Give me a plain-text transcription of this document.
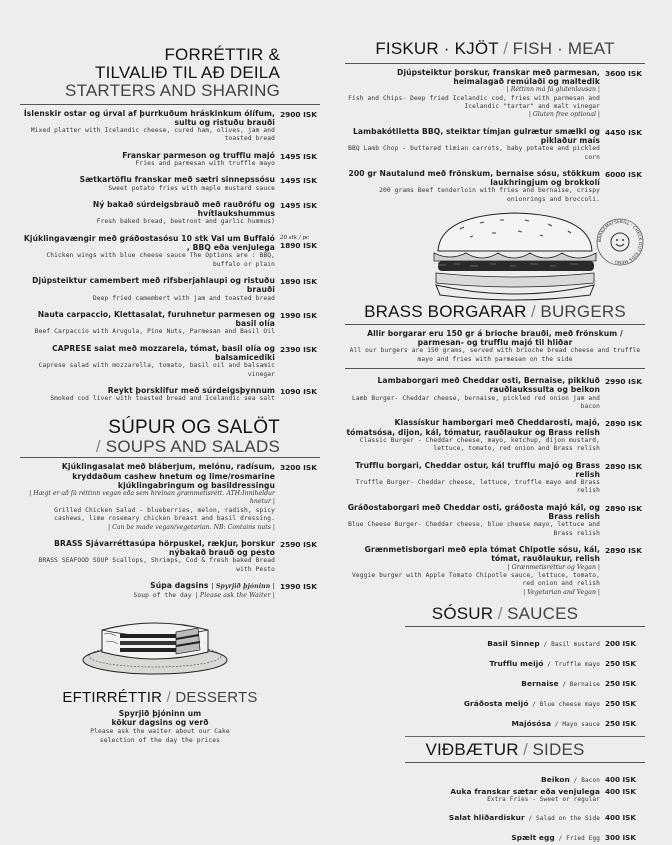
FORRÉTTIR &
TILVALIÐ TIL AÐ DEILA
STARTERS AND SHARING
Íslenskir ostar og úrval af þurrkuðum hráskinkum ólífum, sultu og ristuðu brauði
Mixed platter with Icelandic cheese, cured ham, olives, jam and toasted bread
2900 ISK
Franskar parmeson og trufflu majó
Fries and parmesan with truffle mayo
1495 ISK
Sætkartöflu franskar með sætri sinnepssósu
Sweet potato fries with maple mustard sauce
1495 ISK
Ný bakað súrdeigsbrauð með rauðrófu og hvítlaukshummus
Fresh baked bread, beetroot and garlic hummus)
1495 ISK
Kjúklingavængir með gráðostasósu 10 stk Val um Buffaló , BBQ eða venjulega
Chicken wings with blue cheese sauce The Options are : BBQ, buffalo or plain
20 stk / pc
1890 ISK
Djúpsteiktur camembert með rifsberjahlaupi og ristuðu brauði
Deep fried camembert with jam and toasted bread
1890 ISK
Nauta carpaccio, Klettasalat, furuhnetur parmesen og basil olía
Beef Carpaccio with Arugula, Pine Nuts, Parmesan and Basil Oil
1990 ISK
CAPRESE salat með mozzarela, tómat, basil olía og balsamicediki
Caprese salad with mozzarella, tomato, basil oil and balsamic vinegar
2390 ISK
Reykt þorsklifur með súrdeigsþynnum
Smoked cod liver with toasted bread and Icelandic sea salt
1090 ISK
SÚPUR OG SALÖT
/ SOUPS AND SALADS
Kjúklingasalat með bláberjum, melónu, radísum, kryddaðum cashew hnetum og lime/rosmarine kjúklingabringum og basildressingu
| Hægt er að fá réttinn vegan eða sem hreinan grænmetisrétt. ATH:Inniheldur hnetur |
Grilled Chicken Salad - blueberries, melon, radish, spicy cashews, lime rosemary chicken breast and basil dressing.
| Can be made vegan/vegetarian. NB: Contains nuts |
3200 ISK
BRASS Sjávarréttasúpa hörpuskel, rækjur, þorskur nýbakað brauð og pesto
BRASS SEAFOOD SOUP Scallops, Shrimps, Cod & fresh baked Bread with Pesto
2590 ISK
Súpa dagsins | Spyrjið þjóninn |
Soup of the day | Please ask the Waiter |
1990 ISK
EFTIRRÉTTIR / DESSERTS
Spyrjið þjóninn um
kökur dagsins og verð
Please ask the waiter about our Cake selection of the day the prices
FISKUR · KJÖT / FISH · MEAT
Djúpsteiktur þorskur, franskar með parmesan, heimalagað remúlaði og maltedik
| Réttinn má fá glutenlausan |
Fish and Chips- Deep fried Icelandic cod, fries with parmesan and Icelandic "tartar" and malt vinegar
| Gluten free optional |
3600 ISK
Lambakótiletta BBQ, steiktar tímjan gulrætur smælki og piklaður maís
BBQ Lamb Chop - buttered timian carrots, baby potatoe and pickled corn
4450 ISK
200 gr Nautalund með frönskum, bernaise sósu, stökkum laukhringjum og brokkolí
200 grams Beef tenderloin with fries and bernaise, crispy onionrings and broccoli.
6000 ISK
BARNAMATSEÐILL · CHECK OUT KIDS MENU ·
BRASS BORGARAR / BURGERS
Allir borgarar eru 150 gr á brioche brauði, með frönskum / parmesan- og trufflu majó til hliðar
All our burgers are 150 grams, served with brioche bread cheese and truffle mayo and fries with parmesan on the side
Lambaborgari með Cheddar osti, Bernaise, pikkluð rauðlaukssulta og beikon
Lamb Burger- Cheddar cheese, bernaise, pickled red onion jam and bacon
2990 ISK
Klassískur hamborgari með Cheddarosti, majó, tómatsósa, dijon, kál, tómatur, rauðlaukur og Brass relish
Classic Burger - Cheddar cheese, mayo, ketchup, dijon mustard, lettuce, tomato, red onion and Brass relish
2890 ISK
Trufflu borgari, Cheddar ostur, kál trufflu majó og Brass relish
Truffle Burger- Cheddar cheese, lettuce, truffle mayo and Brass relish
2890 ISK
Gráðostaborgari með Cheddar osti, gráðosta majó kál, og Brass relish
Blue Cheese Burger- Cheddar cheese, blue cheese mayo, lettuce and Brass relish
2890 ISK
Grænmetisborgari með epla tómat Chipotle sósu, kál, tómat, rauðlaukur, relish
| Grænmetisréttur og Vegan |
Veggie burger with Apple Tomato Chipotle sauce, lettuce, tomato, red onion and relish
| Vegetarian and Vegan |
2890 ISK
SÓSUR / SAUCES
Basil Sinnep / Basil mustard 200 ISK
Trufflu meijó / Truffle mayo 250 ISK
Bernaise / Bernaise 250 ISK
Gráðosta meijó / Blue cheese mayo 250 ISK
Majósósa / Mayo sauce 250 ISK
VIÐBÆTUR / SIDES
Beikon / Bacon 400 ISK
Auka franskar sætar eða venjulega
Extra Fries - Sweet or regular
400 ISK
Salat hliðardiskur / Salad on the Side 400 ISK
Spælt egg / Fried Egg 300 ISK
